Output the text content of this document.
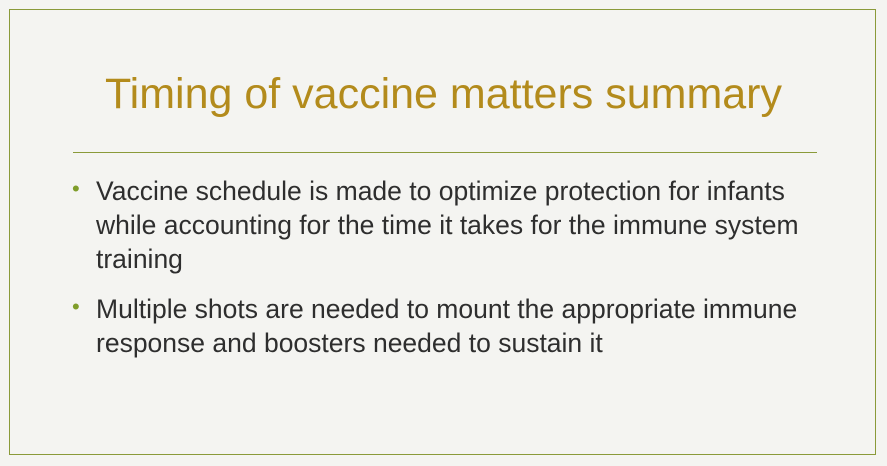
Timing of vaccine matters summary
• Vaccine schedule is made to optimize protection for infants while accounting for the time it takes for the immune system training
• Multiple shots are needed to mount the appropriate immune response and boosters needed to sustain it
